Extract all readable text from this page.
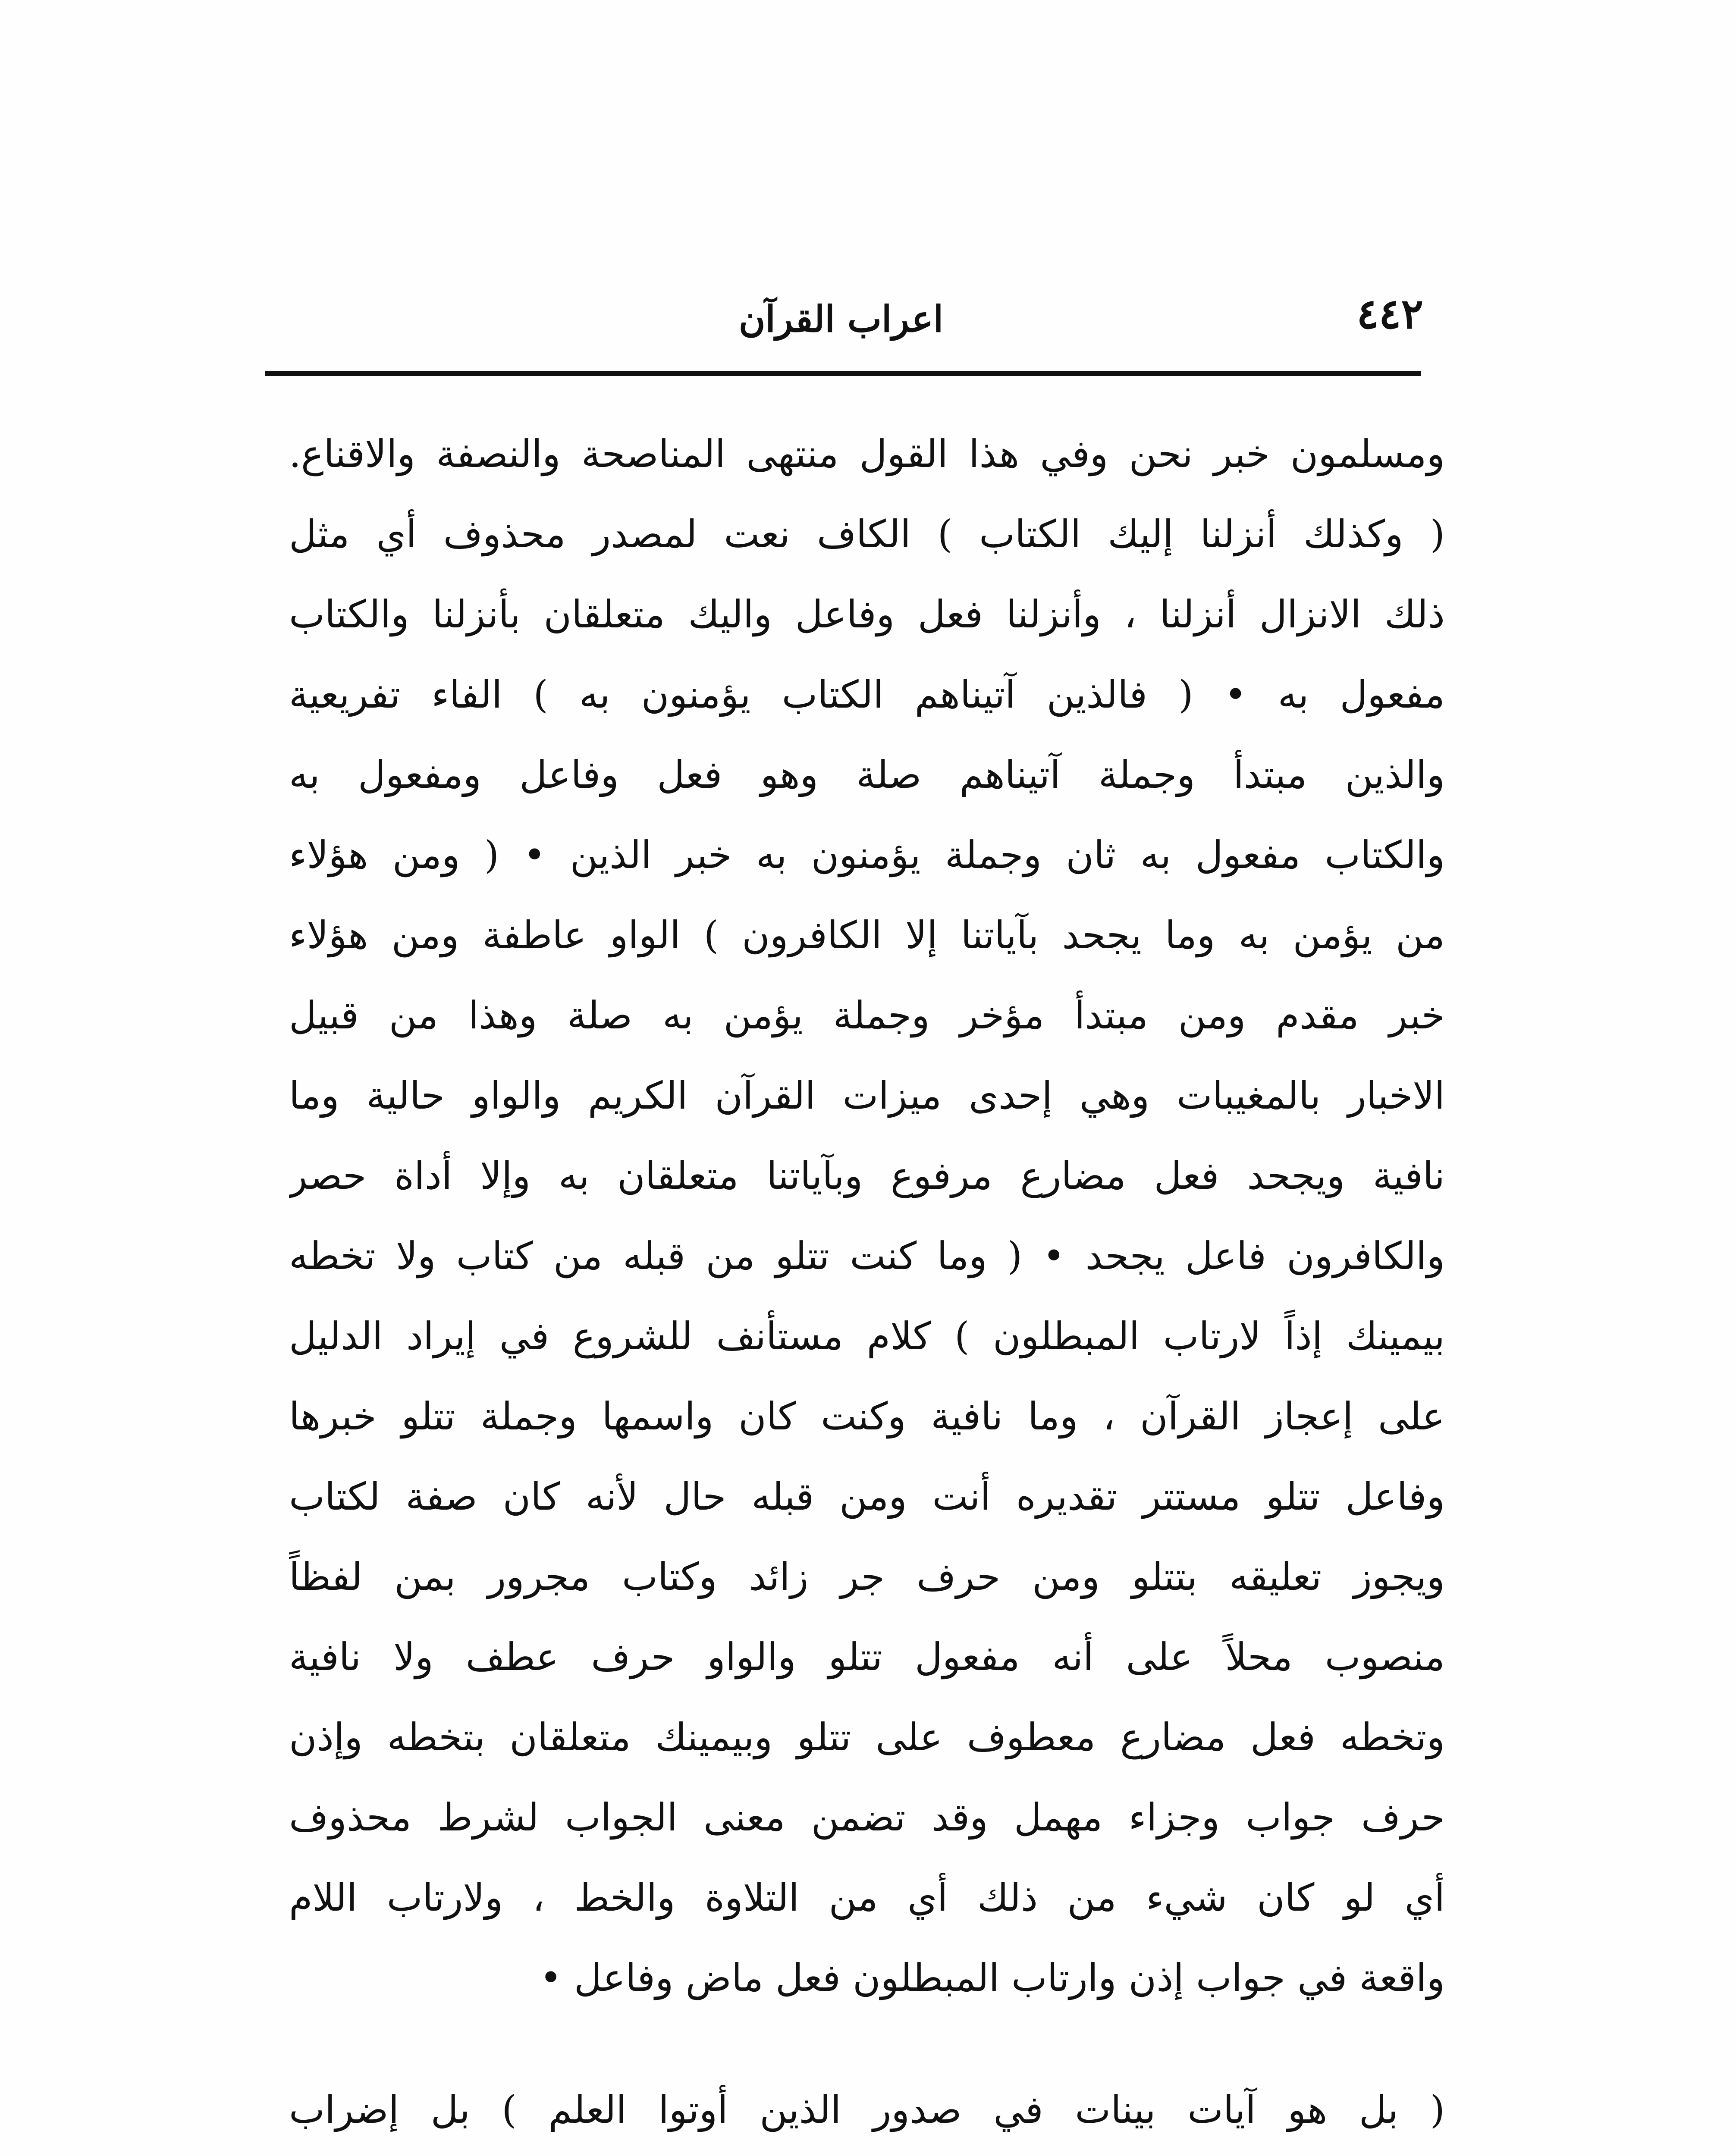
٤٤٢
اعراب القرآن
ومسلمون خبر نحن وفي هذا القول منتهى المناصحة والنصفة والاقناع.
( وكذلك أنزلنا إليك الكتاب ) الكاف نعت لمصدر محذوف أي مثل
ذلك الانزال أنزلنا ، وأنزلنا فعل وفاعل واليك متعلقان بأنزلنا والكتاب
مفعول به • ( فالذين آتيناهم الكتاب يؤمنون به ) الفاء تفريعية
والذين مبتدأ وجملة آتيناهم صلة وهو فعل وفاعل ومفعول به
والكتاب مفعول به ثان وجملة يؤمنون به خبر الذين • ( ومن هؤلاء
من يؤمن به وما يجحد بآياتنا إلا الكافرون ) الواو عاطفة ومن هؤلاء
خبر مقدم ومن مبتدأ مؤخر وجملة يؤمن به صلة وهذا من قبيل
الاخبار بالمغيبات وهي إحدى ميزات القرآن الكريم والواو حالية وما
نافية ويجحد فعل مضارع مرفوع وبآياتنا متعلقان به وإلا أداة حصر
والكافرون فاعل يجحد • ( وما كنت تتلو من قبله من كتاب ولا تخطه
بيمينك إذاً لارتاب المبطلون ) كلام مستأنف للشروع في إيراد الدليل
على إعجاز القرآن ، وما نافية وكنت كان واسمها وجملة تتلو خبرها
وفاعل تتلو مستتر تقديره أنت ومن قبله حال لأنه كان صفة لكتاب
ويجوز تعليقه بتتلو ومن حرف جر زائد وكتاب مجرور بمن لفظاً
منصوب محلاً على أنه مفعول تتلو والواو حرف عطف ولا نافية
وتخطه فعل مضارع معطوف على تتلو وبيمينك متعلقان بتخطه وإذن
حرف جواب وجزاء مهمل وقد تضمن معنى الجواب لشرط محذوف
أي لو كان شيء من ذلك أي من التلاوة والخط ، ولارتاب اللام
واقعة في جواب إذن وارتاب المبطلون فعل ماض وفاعل •
( بل هو آيات بينات في صدور الذين أوتوا العلم ) بل إضراب
